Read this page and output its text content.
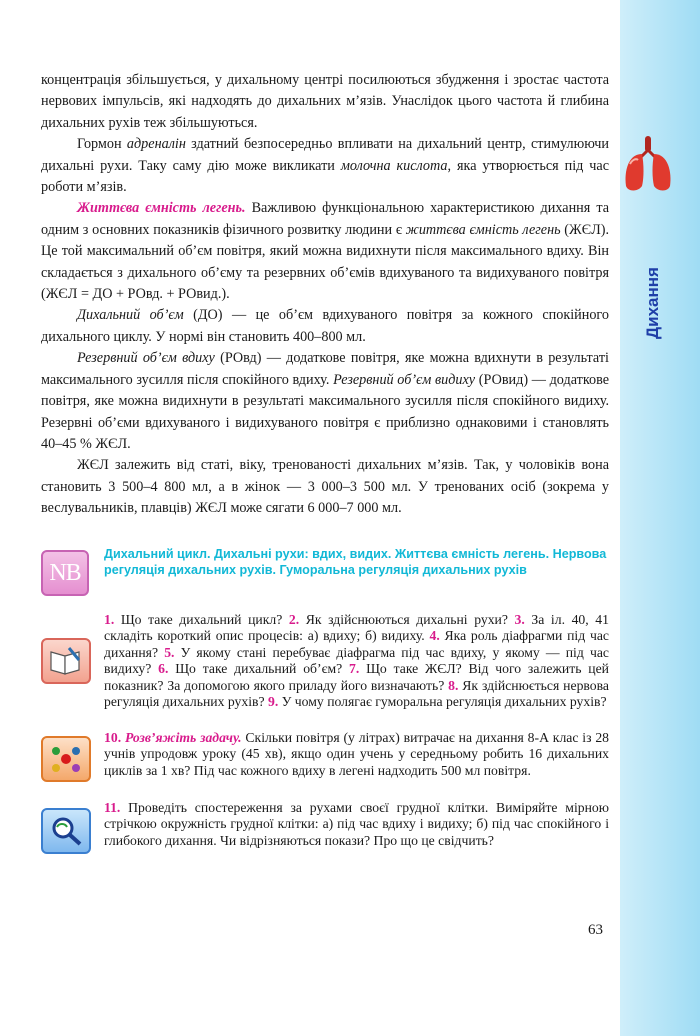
Дихання

концентрація збільшується, у дихальному центрі посилюються збудження і зростає частота нервових імпульсів, які надходять до дихальних м’язів. Унаслідок цього частота й глибина дихальних рухів теж збільшуються.

Гормон адреналін здатний безпосередньо впливати на дихальний центр, стимулюючи дихальні рухи. Таку саму дію може викликати молочна кислота, яка утворюється під час роботи м’язів.

Життєва ємність легень. Важливою функціональною характеристикою дихання та одним з основних показників фізичного розвитку людини є життєва ємність легень (ЖЄЛ). Це той максимальний об’єм повітря, який можна видихнути після максимального вдиху. Він складається з дихального об’єму та резервних об’ємів вдихуваного та видихуваного повітря (ЖЄЛ = ДО + РОвд. + РОвид.).

Дихальний об’єм (ДО) — це об’єм вдихуваного повітря за кожного спокійного дихального циклу. У нормі він становить 400–800 мл.

Резервний об’єм вдиху (РОвд) — додаткове повітря, яке можна вдихнути в результаті максимального зусилля після спокійного вдиху. Резервний об’єм видиху (РОвид) — додаткове повітря, яке можна видихнути в результаті максимального зусилля після спокійного видиху. Резервні об’єми вдихуваного і видихуваного повітря є приблизно однаковими і становлять 40–45 % ЖЄЛ.

ЖЄЛ залежить від статі, віку, тренованості дихальних м’язів. Так, у чоловіків вона становить 3 500–4 800 мл, а в жінок — 3 000–3 500 мл. У тренованих осіб (зокрема у веслувальників, плавців) ЖЄЛ може сягати 6 000–7 000 мл.

NB
Дихальний цикл. Дихальні рухи: вдих, видих. Життєва ємність легень. Нервова регуляція дихальних рухів. Гуморальна регуляція дихальних рухів
1. Що таке дихальний цикл? 2. Як здійснюються дихальні рухи? 3. За іл. 40, 41 складіть короткий опис процесів: а) вдиху; б) видиху. 4. Яка роль діафрагми під час дихання? 5. У якому стані перебуває діафрагма під час вдиху, у якому — під час видиху? 6. Що таке дихальний об’єм? 7. Що таке ЖЄЛ? Від чого залежить цей показник? За допомогою якого приладу його визначають? 8. Як здійснюється нервова регуляція дихальних рухів? 9. У чому полягає гуморальна регуляція дихальних рухів?
10. Розв’яжіть задачу. Скільки повітря (у літрах) витрачає на дихання 8-А клас із 28 учнів упродовж уроку (45 хв), якщо один учень у середньому робить 16 дихальних циклів за 1 хв? Під час кожного вдиху в легені надходить 500 мл повітря.
11. Проведіть спостереження за рухами своєї грудної клітки. Виміряйте мірною стрічкою окружність грудної клітки: а) під час вдиху і видиху; б) під час спокійного і глибокого дихання. Чи відрізняються покази? Про що це свідчить?
63
